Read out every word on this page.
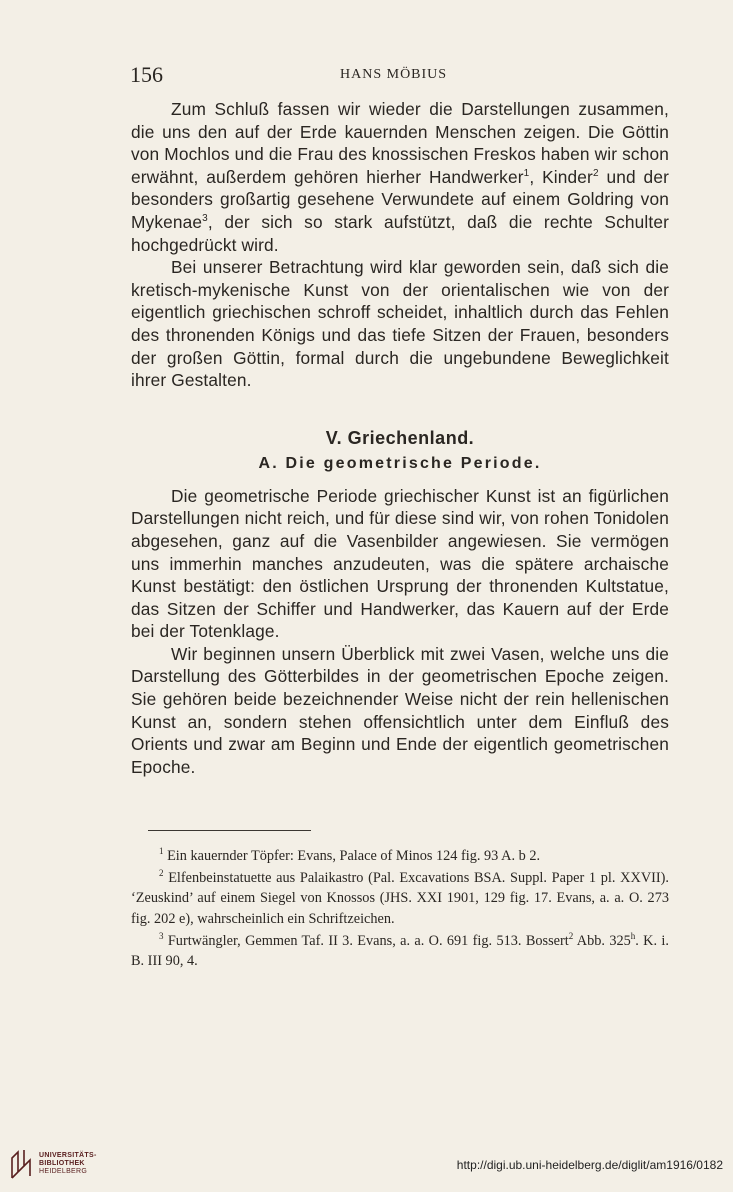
156	HANS MÖBIUS

Zum Schluß fassen wir wieder die Darstellungen zusammen, die uns den auf der Erde kauernden Menschen zeigen. Die Göttin von Mochlos und die Frau des knossischen Freskos haben wir schon erwähnt, außerdem gehören hierher Handwerker$^1$, Kinder$^2$ und der besonders großartig gesehene Verwundete auf einem Goldring von Mykenae$^3$, der sich so stark aufstützt, daß die rechte Schulter hochgedrückt wird.

Bei unserer Betrachtung wird klar geworden sein, daß sich die kretisch-mykenische Kunst von der orientalischen wie von der eigentlich griechischen schroff scheidet, inhaltlich durch das Fehlen des thronenden Königs und das tiefe Sitzen der Frauen, besonders der großen Göttin, formal durch die ungebundene Beweglichkeit ihrer Gestalten.

V. Griechenland.
A. Die geometrische Periode.

Die geometrische Periode griechischer Kunst ist an figürlichen Darstellungen nicht reich, und für diese sind wir, von rohen Tonidolen abgesehen, ganz auf die Vasenbilder angewiesen. Sie vermögen uns immerhin manches anzudeuten, was die spätere archaische Kunst bestätigt: den östlichen Ursprung der thronenden Kultstatue, das Sitzen der Schiffer und Handwerker, das Kauern auf der Erde bei der Totenklage.

Wir beginnen unsern Überblick mit zwei Vasen, welche uns die Darstellung des Götterbildes in der geometrischen Epoche zeigen. Sie gehören beide bezeichnender Weise nicht der rein hellenischen Kunst an, sondern stehen offensichtlich unter dem Einfluß des Orients und zwar am Beginn und Ende der eigentlich geometrischen Epoche.

$^1$ Ein kauernder Töpfer: Evans, Palace of Minos 124 fig. 93 A. b 2.

$^2$ Elfenbeinstatuette aus Palaikastro (Pal. Excavations BSA. Suppl. Paper 1 pl. XXVII). ‘Zeuskind’ auf einem Siegel von Knossos (JHS. XXI 1901, 129 fig. 17. Evans, a. a. O. 273 fig. 202 e), wahrscheinlich ein Schriftzeichen.

$^3$ Furtwängler, Gemmen Taf. II 3. Evans, a. a. O. 691 fig. 513. Bossert$^2$ Abb. 325$^h$. K. i. B. III 90, 4.

UNIVERSITÄTS-
BIBLIOTHEK
HEIDELBERG	http://digi.ub.uni-heidelberg.de/diglit/am1916/0182
